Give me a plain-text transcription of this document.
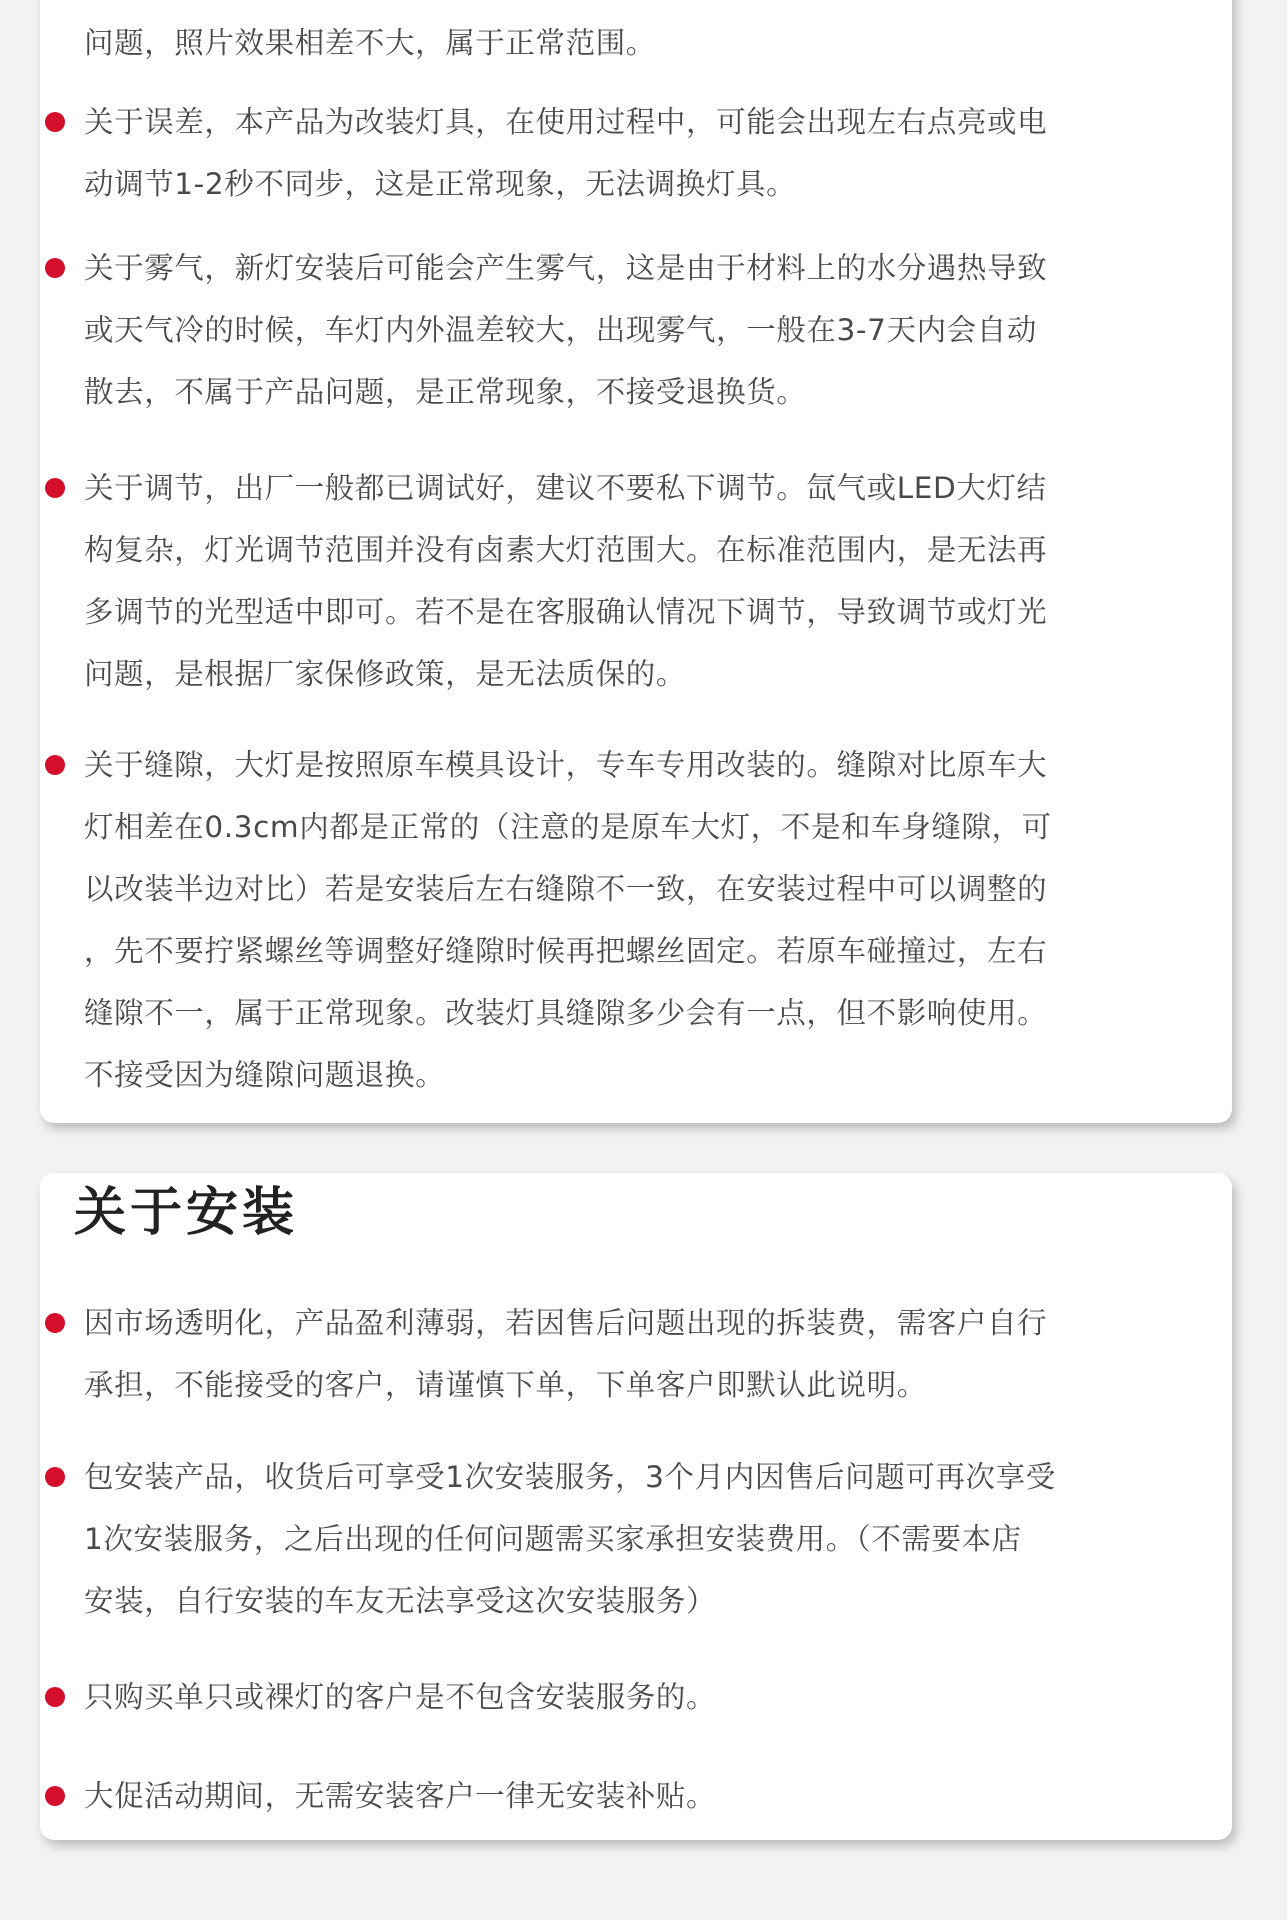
问题，照片效果相差不大，属于正常范围。

关于误差，本产品为改装灯具，在使用过程中，可能会出现左右点亮或电
动调节1-2秒不同步，这是正常现象，无法调换灯具。

关于雾气，新灯安装后可能会产生雾气，这是由于材料上的水分遇热导致
或天气冷的时候，车灯内外温差较大，出现雾气，一般在3-7天内会自动
散去，不属于产品问题，是正常现象，不接受退换货。

关于调节，出厂一般都已调试好，建议不要私下调节。氙气或LED大灯结
构复杂，灯光调节范围并没有卤素大灯范围大。在标准范围内，是无法再
多调节的光型适中即可。若不是在客服确认情况下调节，导致调节或灯光
问题，是根据厂家保修政策，是无法质保的。

关于缝隙，大灯是按照原车模具设计，专车专用改装的。缝隙对比原车大
灯相差在0.3cm内都是正常的（注意的是原车大灯，不是和车身缝隙，可
以改装半边对比）若是安装后左右缝隙不一致，在安装过程中可以调整的
，先不要拧紧螺丝等调整好缝隙时候再把螺丝固定。若原车碰撞过，左右
缝隙不一，属于正常现象。改装灯具缝隙多少会有一点，但不影响使用。
不接受因为缝隙问题退换。

关于安装

因市场透明化，产品盈利薄弱，若因售后问题出现的拆装费，需客户自行
承担，不能接受的客户，请谨慎下单，下单客户即默认此说明。

包安装产品，收货后可享受1次安装服务，3个月内因售后问题可再次享受
1次安装服务，之后出现的任何问题需买家承担安装费用。（不需要本店
安装，自行安装的车友无法享受这次安装服务）

只购买单只或裸灯的客户是不包含安装服务的。

大促活动期间，无需安装客户一律无安装补贴。
